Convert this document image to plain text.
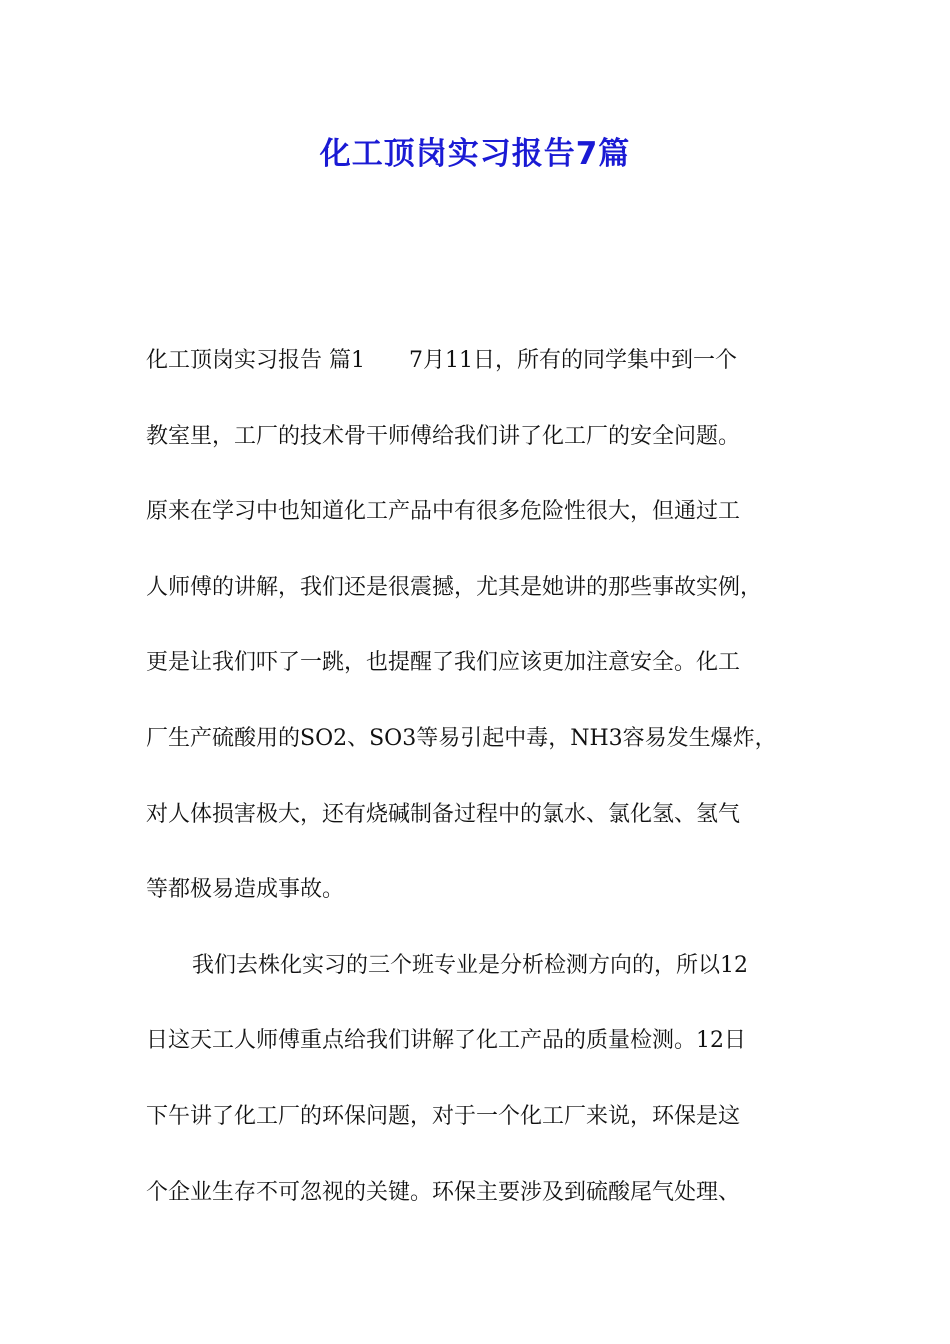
化工顶岗实习报告7篇

化工顶岗实习报告 篇1　　7月11日，所有的同学集中到一个

教室里，工厂的技术骨干师傅给我们讲了化工厂的安全问题。

原来在学习中也知道化工产品中有很多危险性很大，但通过工

人师傅的讲解，我们还是很震撼，尤其是她讲的那些事故实例，

更是让我们吓了一跳，也提醒了我们应该更加注意安全。化工

厂生产硫酸用的SO2、SO3等易引起中毒，NH3容易发生爆炸，

对人体损害极大，还有烧碱制备过程中的氯水、氯化氢、氢气

等都极易造成事故。

我们去株化实习的三个班专业是分析检测方向的，所以12

日这天工人师傅重点给我们讲解了化工产品的质量检测。12日

下午讲了化工厂的环保问题，对于一个化工厂来说，环保是这

个企业生存不可忽视的关键。环保主要涉及到硫酸尾气处理、
